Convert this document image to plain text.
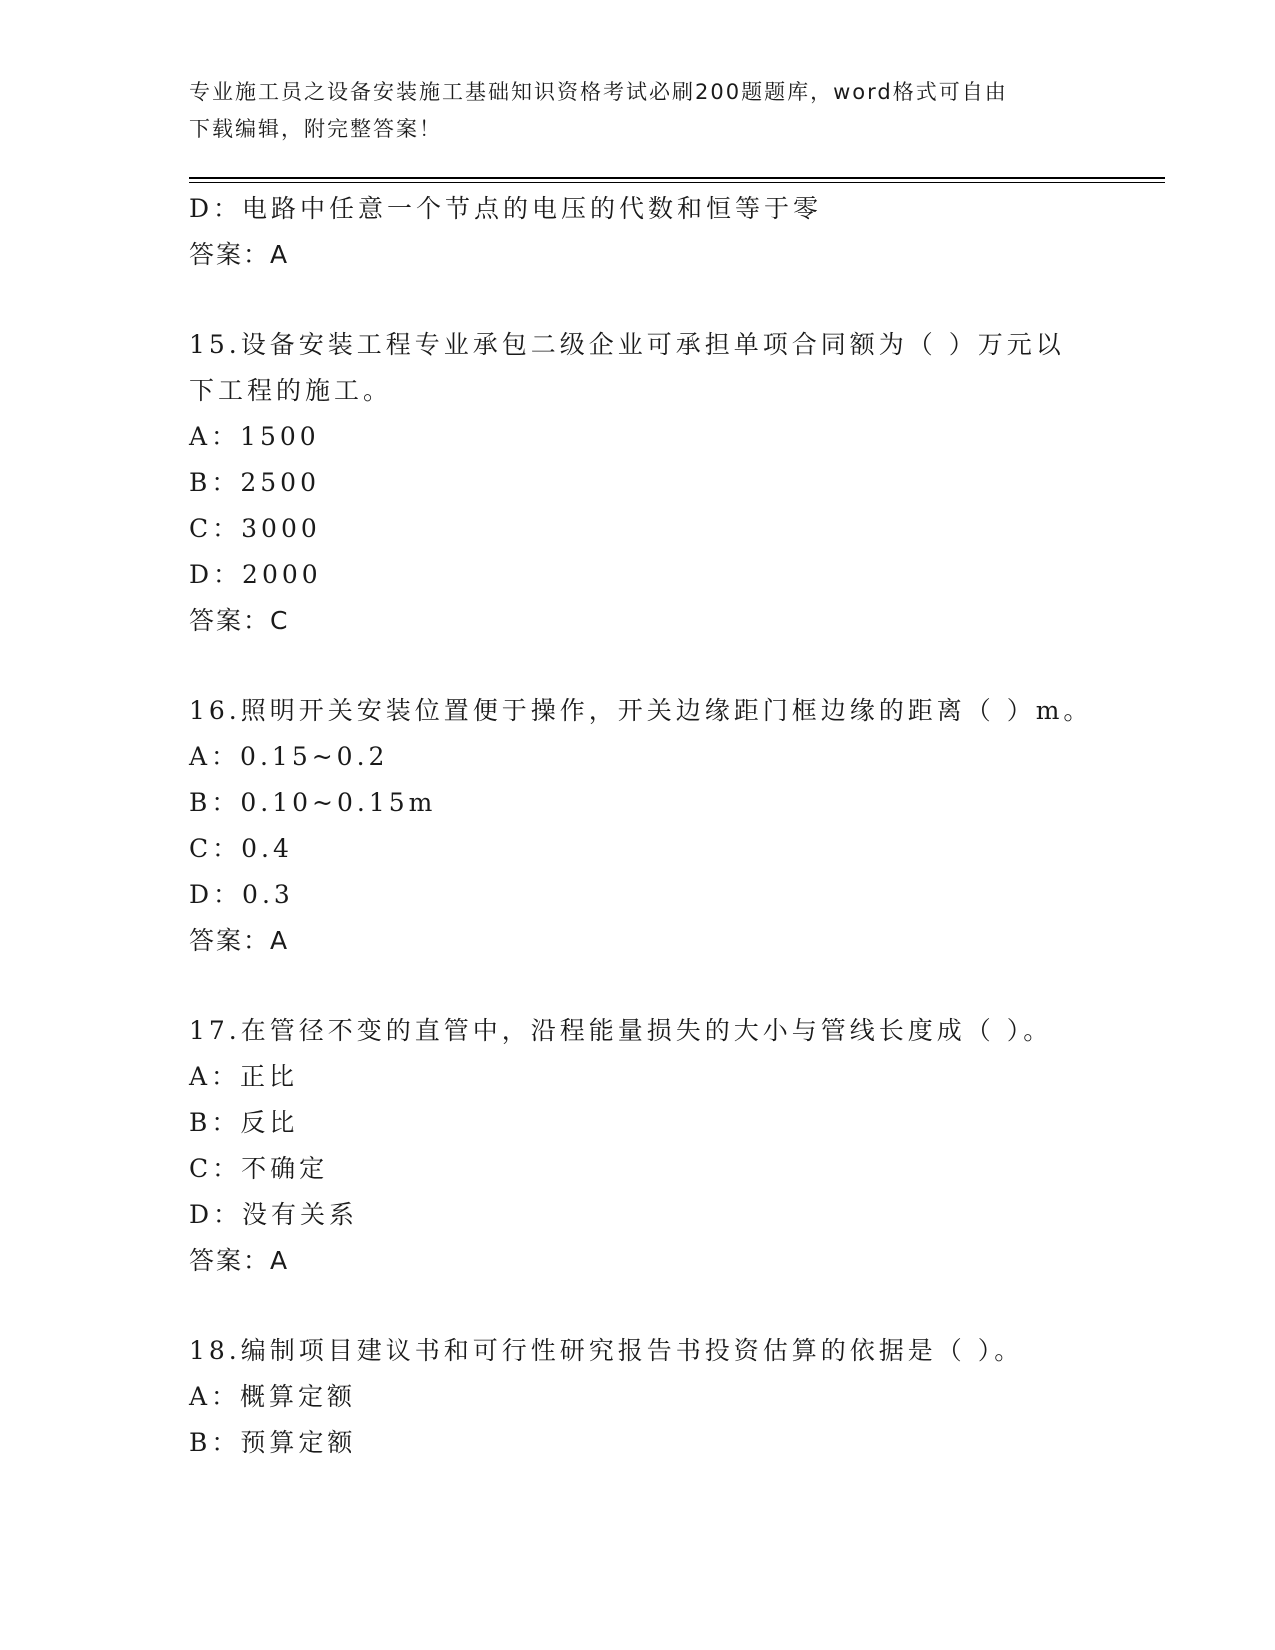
专业施工员之设备安装施工基础知识资格考试必刷200题题库，word格式可自由
下载编辑，附完整答案！
D：电路中任意一个节点的电压的代数和恒等于零
答案：A
15.设备安装工程专业承包二级企业可承担单项合同额为（ ）万元以
下工程的施工。
A：1500
B：2500
C：3000
D：2000
答案：C
16.照明开关安装位置便于操作，开关边缘距门框边缘的距离（ ）m。
A：0.15~0.2
B：0.10~0.15m
C：0.4
D：0.3
答案：A
17.在管径不变的直管中，沿程能量损失的大小与管线长度成（ ）。
A：正比
B：反比
C：不确定
D：没有关系
答案：A
18.编制项目建议书和可行性研究报告书投资估算的依据是（ ）。
A：概算定额
B：预算定额
